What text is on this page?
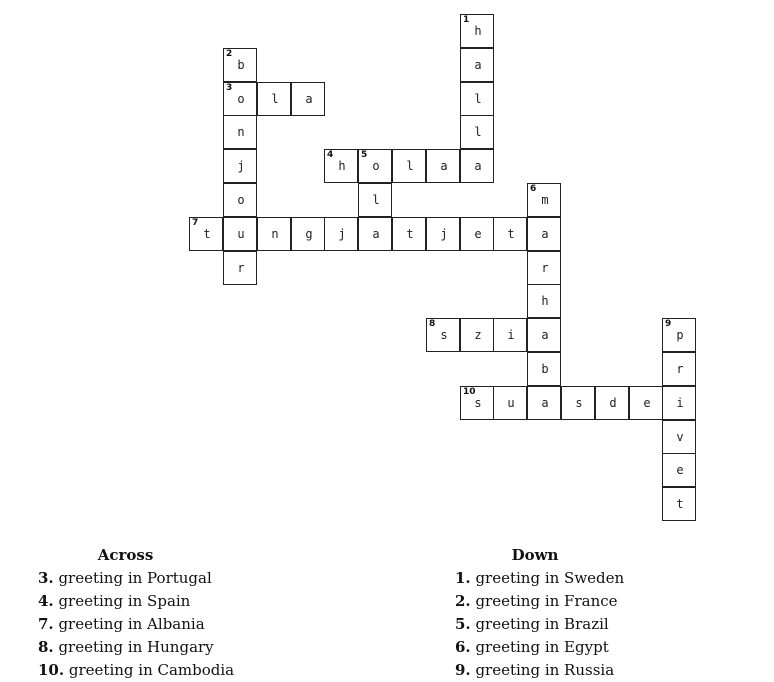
1
h
a
l
l
a
2
b
3
o
n
j
o
u
r
l	a
4
h
5
o	l	a
l
7
t	n	g	j	a	t	j	e	t	a
6
m
r
h
a
b
8
s	z	i
10
s	u	a	s	d	e	i
9
p
r
v
e
t
Across
3. greeting in Portugal
4. greeting in Spain
7. greeting in Albania
8. greeting in Hungary
10. greeting in Cambodia
Down
1. greeting in Sweden
2. greeting in France
5. greeting in Brazil
6. greeting in Egypt
9. greeting in Russia
